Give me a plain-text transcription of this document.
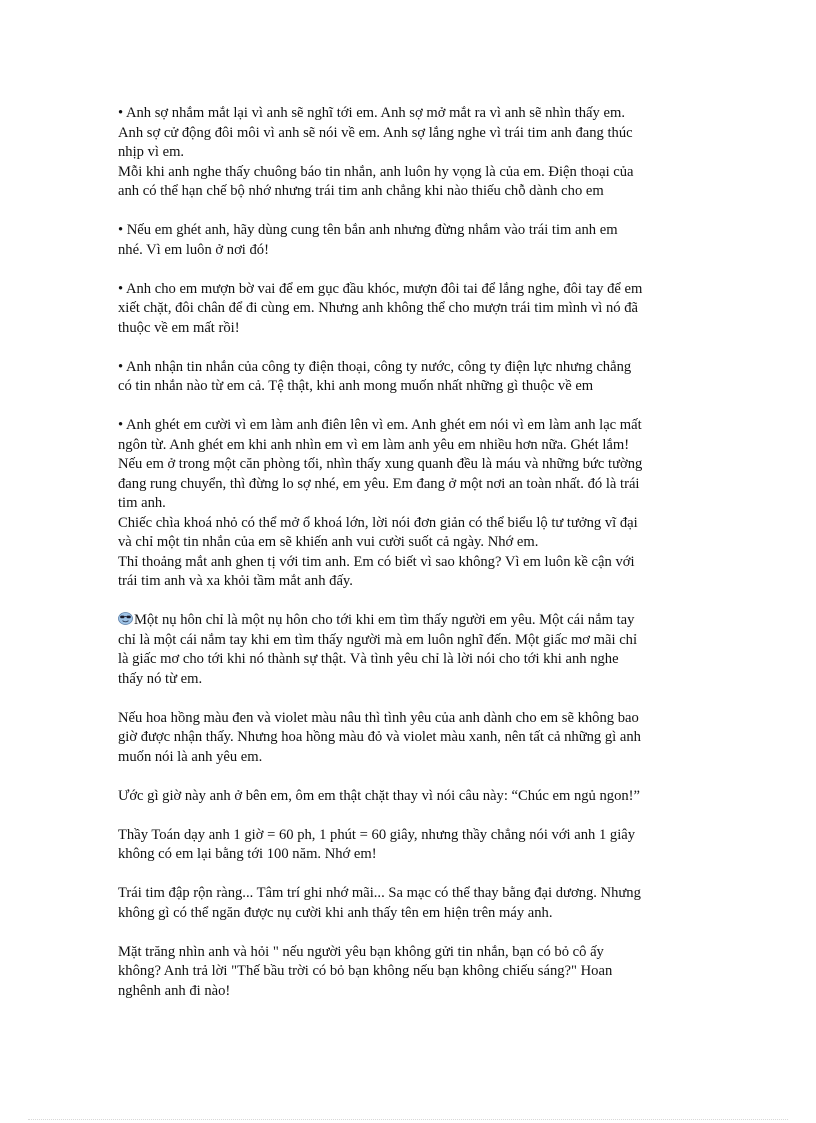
• Anh sợ nhắm mắt lại vì anh sẽ nghĩ tới em. Anh sợ mở mắt ra vì anh sẽ nhìn thấy em.
Anh sợ cử động đôi môi vì anh sẽ nói về em. Anh sợ lắng nghe vì trái tim anh đang thúc
nhịp vì em.
Mỗi khi anh nghe thấy chuông báo tin nhắn, anh luôn hy vọng là của em. Điện thoại của
anh có thể hạn chế bộ nhớ nhưng trái tim anh chẳng khi nào thiếu chỗ dành cho em
• Nếu em ghét anh, hãy dùng cung tên bắn anh nhưng đừng nhắm vào trái tim anh em
nhé. Vì em luôn ở nơi đó!
• Anh cho em mượn bờ vai để em gục đầu khóc, mượn đôi tai để lắng nghe, đôi tay để em
xiết chặt, đôi chân để đi cùng em. Nhưng anh không thể cho mượn trái tim mình vì nó đã
thuộc về em mất rồi!
• Anh nhận tin nhắn của công ty điện thoại, công ty nước, công ty điện lực nhưng chẳng
có tin nhắn nào từ em cả. Tệ thật, khi anh mong muốn nhất những gì thuộc về em
• Anh ghét em cười vì em làm anh điên lên vì em. Anh ghét em nói vì em làm anh lạc mất
ngôn từ. Anh ghét em khi anh nhìn em vì em làm anh yêu em nhiều hơn nữa. Ghét lắm!
Nếu em ở trong một căn phòng tối, nhìn thấy xung quanh đều là máu và những bức tường
đang rung chuyển, thì đừng lo sợ nhé, em yêu. Em đang ở một nơi an toàn nhất. đó là trái
tim anh.
Chiếc chìa khoá nhỏ có thể mở ổ khoá lớn, lời nói đơn giản có thể biểu lộ tư tưởng vĩ đại
và chỉ một tin nhắn của em sẽ khiến anh vui cười suốt cả ngày. Nhớ em.
Thỉ thoảng mắt anh ghen tị với tim anh. Em có biết vì sao không? Vì em luôn kề cận với
trái tim anh và xa khỏi tầm mắt anh đấy.
Một nụ hôn chỉ là một nụ hôn cho tới khi em tìm thấy người em yêu. Một cái nắm tay
chỉ là một cái nắm tay khi em tìm thấy người mà em luôn nghĩ đến. Một giấc mơ mãi chỉ
là giấc mơ cho tới khi nó thành sự thật. Và tình yêu chỉ là lời nói cho tới khi anh nghe
thấy nó từ em.
Nếu hoa hồng màu đen và violet màu nâu thì tình yêu của anh dành cho em sẽ không bao
giờ được nhận thấy. Nhưng hoa hồng màu đỏ và violet màu xanh, nên tất cả những gì anh
muốn nói là anh yêu em.
Ước gì giờ này anh ở bên em, ôm em thật chặt thay vì nói câu này: “Chúc em ngủ ngon!”
Thầy Toán dạy anh 1 giờ = 60 ph, 1 phút = 60 giây, nhưng thầy chẳng nói với anh 1 giây
không có em lại bằng tới 100 năm. Nhớ em!
Trái tim đập rộn ràng... Tâm trí ghi nhớ mãi... Sa mạc có thể thay bằng đại dương. Nhưng
không gì có thể ngăn được nụ cười khi anh thấy tên em hiện trên máy anh.
Mặt trăng nhìn anh và hỏi " nếu người yêu bạn không gửi tin nhắn, bạn có bỏ cô ấy
không? Anh trả lời "Thế bầu trời có bỏ bạn không nếu bạn không chiếu sáng?" Hoan
nghênh anh đi nào!
